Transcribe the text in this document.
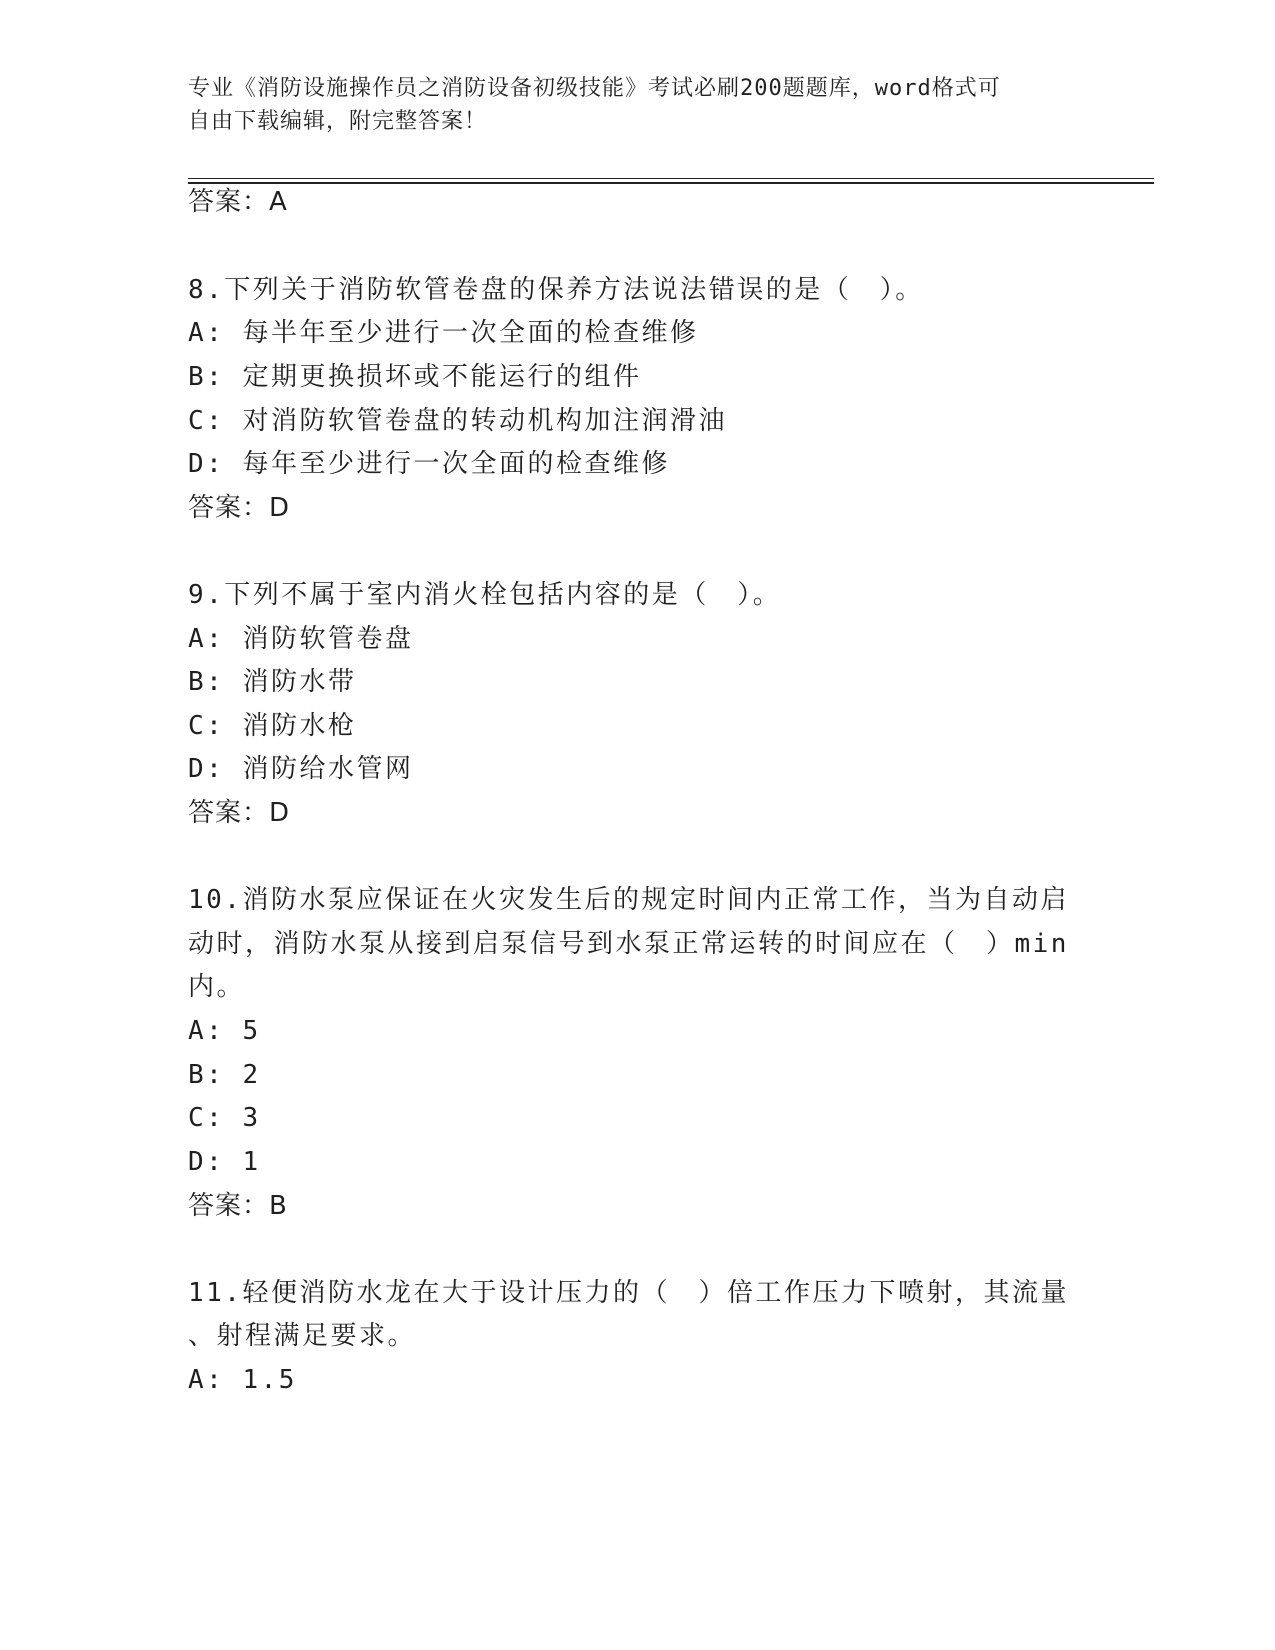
专业《消防设施操作员之消防设备初级技能》考试必刷200题题库，word格式可
自由下载编辑，附完整答案！
答案：A
8.下列关于消防软管卷盘的保养方法说法错误的是（　）。
A: 每半年至少进行一次全面的检查维修
B: 定期更换损坏或不能运行的组件
C: 对消防软管卷盘的转动机构加注润滑油
D: 每年至少进行一次全面的检查维修
答案：D
9.下列不属于室内消火栓包括内容的是（　）。
A: 消防软管卷盘
B: 消防水带
C: 消防水枪
D: 消防给水管网
答案：D
10.消防水泵应保证在火灾发生后的规定时间内正常工作，当为自动启
动时，消防水泵从接到启泵信号到水泵正常运转的时间应在（　）min
内。
A: 5
B: 2
C: 3
D: 1
答案：B
11.轻便消防水龙在大于设计压力的（　）倍工作压力下喷射，其流量
、射程满足要求。
A: 1.5
